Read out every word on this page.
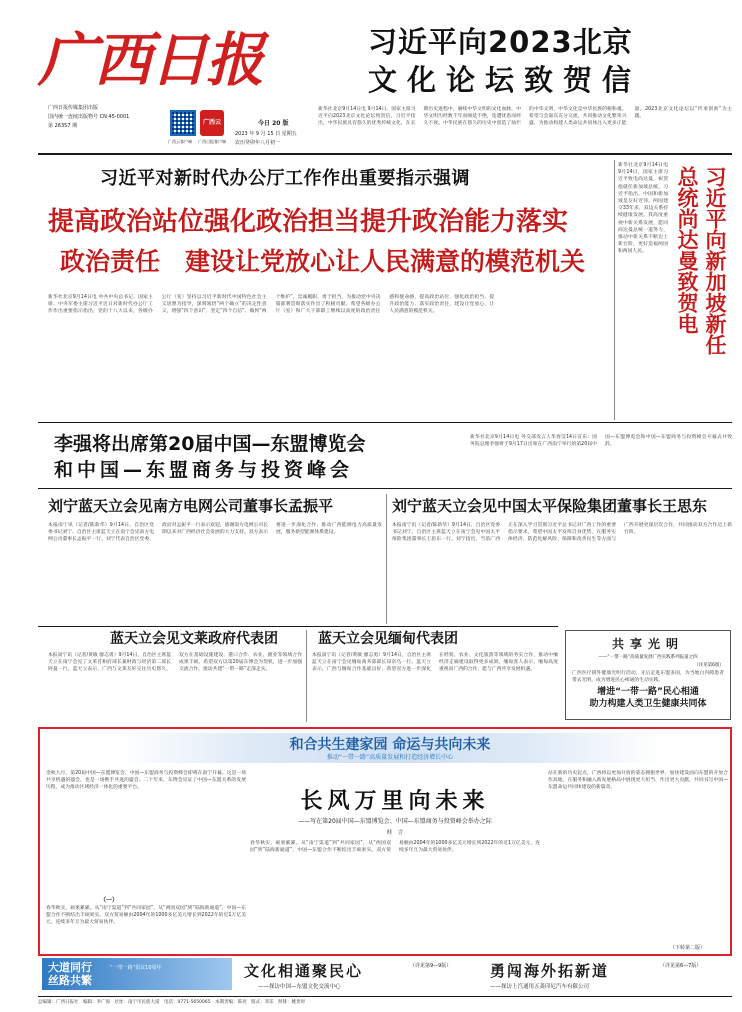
广西日报
广西日报传媒集团出版
国内统一连续出版物号 CN 45-0001
第 26357 期
广西云客户端
广西云
广西日报客户端
今日 20 版
2023 年 9 月 15 日 星期五
农历癸卯年八月初一
习近平向2023北京
文化论坛致贺信
新华社北京9月14日电 9月14日，国家主席习近平向2023北京文化论坛致贺信。习近平指出，中华民族具有悠久的优秀传统文化，在长期历史进程中，赓续中华文明的文化血脉，中华文明历经数千年而绵延不绝，迭遭忧患而经久不衰。中华民族在悠久的历史中创造了灿烂的中华文明，中华文化是中华民族的根和魂。希望与会嘉宾充分交流，共同推动文化繁荣兴盛，为推动构建人类命运共同体注入更多正能量。2023北京文化论坛以“传承创新”为主题。
习近平对新时代办公厅工作作出重要指示强调
提高政治站位强化政治担当提升政治能力落实
政治责任　建设让党放心让人民满意的模范机关
新华社北京9月14日电 中共中央总书记、国家主席、中央军委主席习近平近日对新时代办公厅工作作出重要指示指出，党的十八大以来，各级办公厅（室）坚持以习近平新时代中国特色社会主义思想为指导，深刻领悟“两个确立”的决定性意义，增强“四个意识”、坚定“四个自信”、做到“两个维护”，忠诚履职、勇于担当，为推动党中央决策部署贯彻落实作出了积极贡献。希望各级办公厅（室）和广大干部职工继续以高度的政治责任感和使命感，提高政治站位、强化政治担当、提升政治能力、落实政治责任，建设让党放心、让人民满意的模范机关。
新华社北京9月14日电 9月14日，国家主席习近平致电尚达曼，祝贺他就任新加坡总统。习近平指出，中国和新加坡是友好近邻。两国建交33年来，双边关系持续健康发展。我高度重视中新关系发展，愿同尚达曼总统一道努力，推动中新关系不断迈上新台阶，更好造福两国和两国人民。	总统尚达曼致贺电 习近平向新加坡新任
李强将出席第20届中国—东盟博览会
和中国—东盟商务与投资峰会
新华社北京9月14日电 外交部发言人华春莹14日宣布：国务院总理李强将于9月17日出席在广西南宁举行的第20届中国—东盟博览会和中国—东盟商务与投资峰会开幕式并致辞。
刘宁蓝天立会见南方电网公司董事长孟振平
本报南宁讯（记者/陈新华）9月14日，自治区党委书记刘宁、自治区主席蓝天立在南宁会见南方电网公司董事长孟振平一行。刘宁代表自治区党委、政府对孟振平一行表示欢迎，感谢南方电网公司长期以来对广西经济社会发展的大力支持。双方表示将进一步深化合作，推动广西能源电力高质量发展，服务新型能源体系建设。
刘宁蓝天立会见中国太平保险集团董事长王思东
本报南宁讯（记者/陈新华）9月14日，自治区党委书记刘宁、自治区主席蓝天立在南宁会见中国太平保险集团董事长王思东一行。刘宁指出，当前广西正在深入学习贯彻习近平总书记对广西工作的重要指示要求，希望中国太平发挥自身优势，在服务实体经济、防范化解风险、保障和改善民生等方面与广西开展更深层次合作，共同推动双方合作迈上新台阶。
蓝天立会见文莱政府代表团
本报南宁讯（记者/黄敏 廖志勇）9月14日，自治区主席蓝天立在南宁会见了文莱首相府部长兼财政与经济第二部长阿曼一行。蓝天立表示，广西与文莱友好交往历史悠久，双方在基础设施建设、港口合作、农业、渔业等领域合作成果丰硕。希望双方以第20届东博会为契机，进一步加强交流合作，推动共建“一带一路”走深走实。
蓝天立会见缅甸代表团
本报南宁讯（记者/黄敏 廖志勇）9月14日，自治区主席蓝天立在南宁会见缅甸商务部部长昂奈乌一行。蓝天立表示，广西与缅甸合作基础良好，希望双方进一步深化在经贸、农业、文化旅游等领域的务实合作，推动中缅经济走廊建设取得更多成果。缅甸客人表示，缅甸高度重视同广西的合作，愿与广西共享发展机遇。
共享光明
——“一带一路”高质量发展广西实践系列报道之四
（详见第6版）
广西医疗援外健康光明行活动，先后走进东盟多国，为当地白内障患者带去光明，成为增进民心相通的生动实践。
增进“一带一路”民心相通
助力构建人类卫生健康共同体
和合共生建家园 命运与共向未来
推动“一带一路”高质量发展和打造经济增长中心
金秋九月，第20届中国—东盟博览会、中国—东盟商务与投资峰会即将在南宁开幕。这是一场共享机遇的盛会，也是一场携手共进的盛会。二十年来，东博会见证了中国—东盟关系的发展历程，成为推动区域经济一体化的重要平台。
（一）
春华秋实，硕果累累。从“南宁渠道”到“共同家园”，从“两国双园”到“陆海新通道”，中国—东盟合作不断结出丰硕果实。双方贸易额由2004年的1000多亿美元增长到2022年的近1万亿美元，连续多年互为最大贸易伙伴。
长风万里向未来
——写在第20届中国—东盟博览会、中国—东盟商务与投资峰会举办之际
桂　言
春华秋实，硕果累累。从“南宁渠道”到“共同家园”，从“两国双园”到“陆海新通道”，中国—东盟合作不断结出丰硕果实。双方贸易额由2004年的1000多亿美元增长到2022年的近1万亿美元，连续多年互为最大贸易伙伴。
站在新的历史起点，广西将以更加开放的姿态拥抱世界，加快建设面向东盟的开放合作高地，在服务和融入新发展格局中展现更大担当、作出更大贡献，共同书写中国—东盟命运共同体建设的新篇章。
（下转第二版）
大道同行
丝路共繁
“一带一路”倡议10周年	文化相通聚民心
——探访中国—东盟文化交流中心
（详见第9—9版）	勇闯海外拓新道
——探访上汽通用五菱印尼汽车有限公司
（详见第6—7版）
总编辑：广西日报社　编辑：李广海　社址：南宁市民族大道　电话：0771-5650065　本期责编：陈亮　版式：邓乐　照排：姚贵时
